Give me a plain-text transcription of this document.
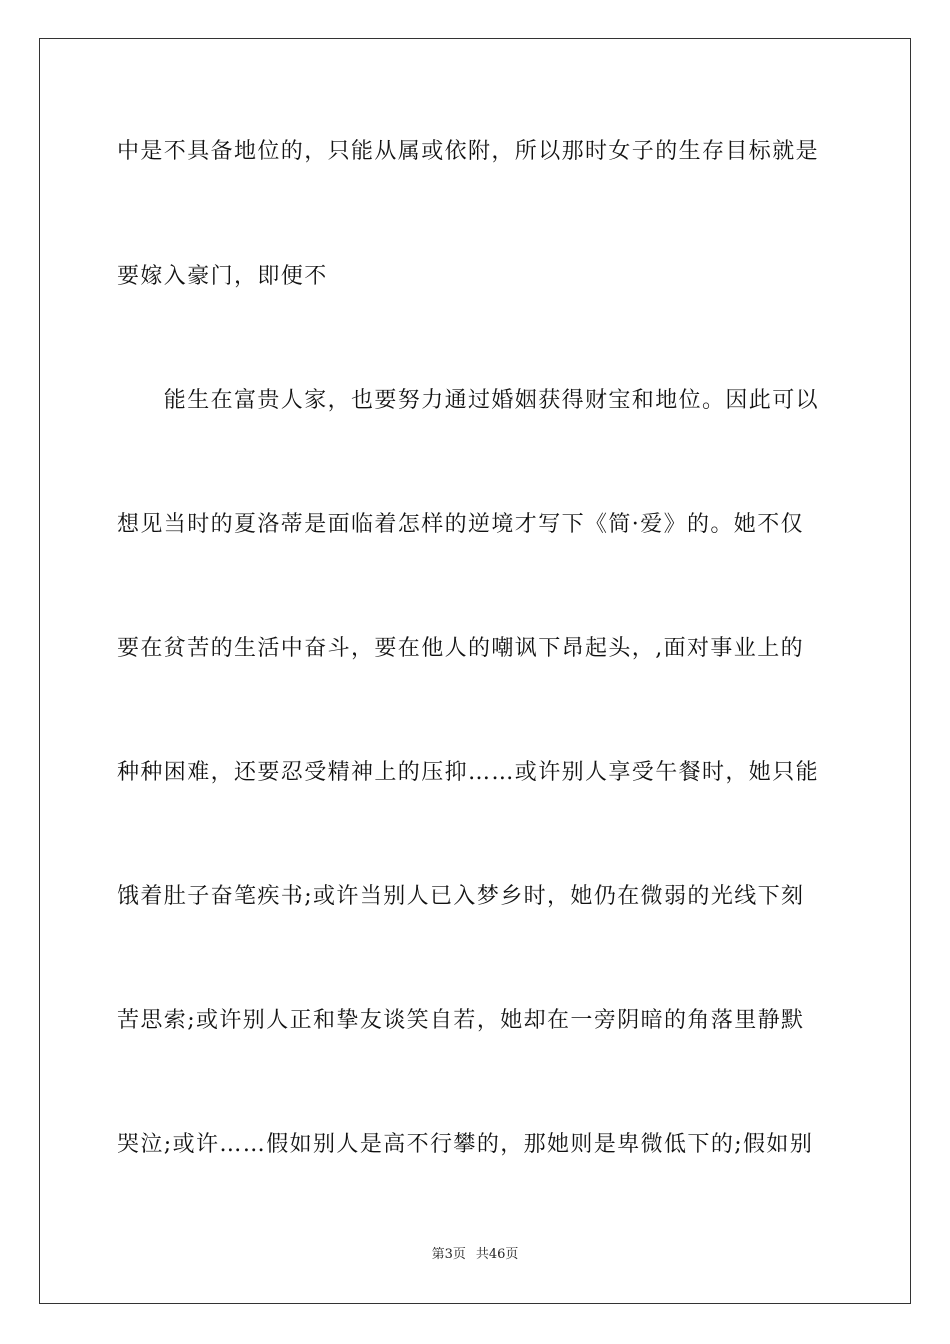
中是不具备地位的，只能从属或依附，所以那时女子的生存目标就是
要嫁入豪门，即便不
　　能生在富贵人家，也要努力通过婚姻获得财宝和地位。因此可以
想见当时的夏洛蒂是面临着怎样的逆境才写下《简·爱》的。她不仅
要在贫苦的生活中奋斗，要在他人的嘲讽下昂起头，,面对事业上的
种种困难，还要忍受精神上的压抑……或许别人享受午餐时，她只能
饿着肚子奋笔疾书;或许当别人已入梦乡时，她仍在微弱的光线下刻
苦思索;或许别人正和挚友谈笑自若，她却在一旁阴暗的角落里静默
哭泣;或许……假如别人是高不行攀的，那她则是卑微低下的;假如别
第3页 共46页
